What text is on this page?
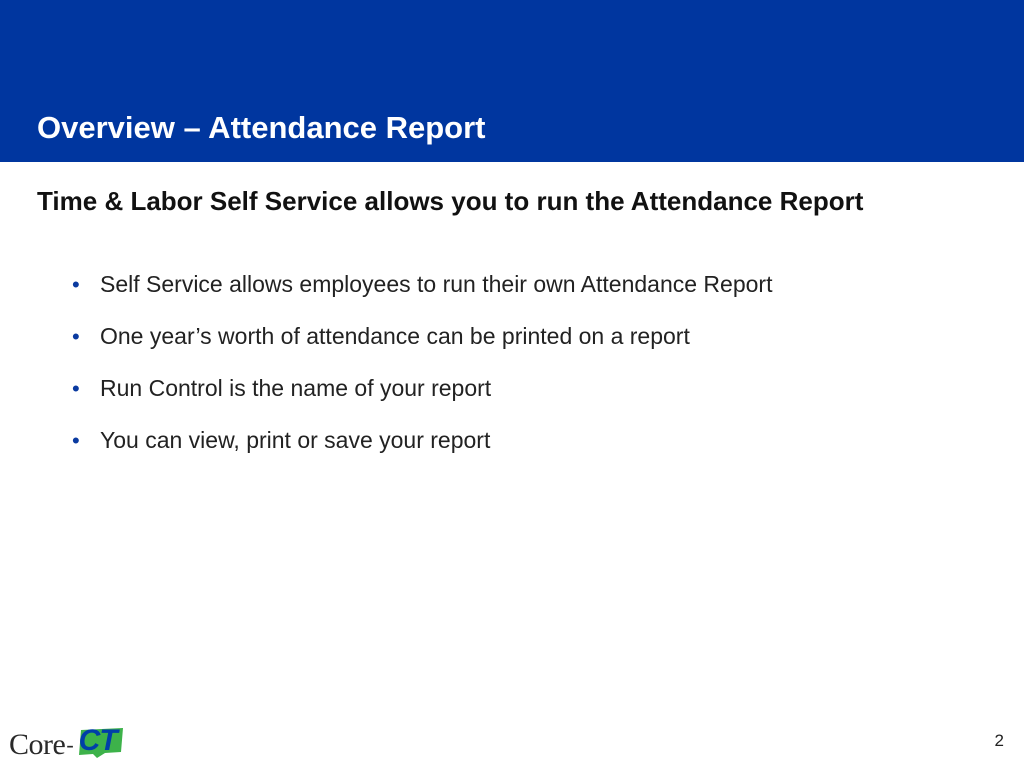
Overview – Attendance Report

Time & Labor Self Service allows you to run the Attendance Report

• Self Service allows employees to run their own Attendance Report
• One year’s worth of attendance can be printed on a report
• Run Control is the name of your report
• You can view, print or save your report
Core - CT	2
